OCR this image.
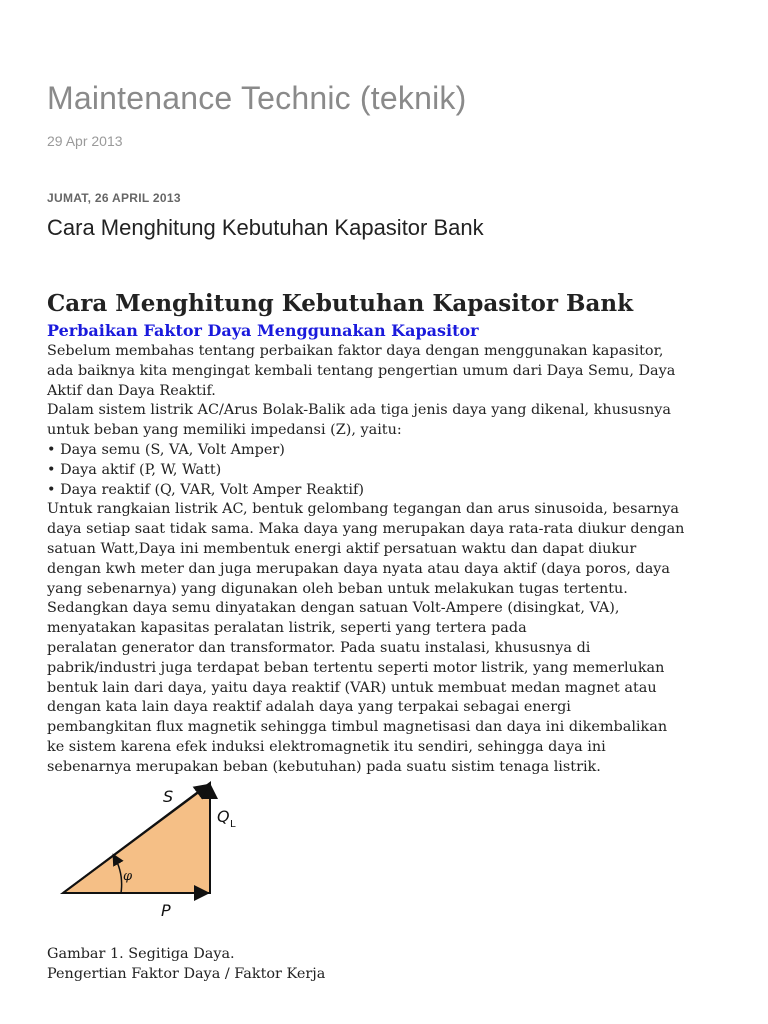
Maintenance Technic (teknik)
29 Apr 2013
JUMAT, 26 APRIL 2013
Cara Menghitung Kebutuhan Kapasitor Bank
Cara Menghitung Kebutuhan Kapasitor Bank
Perbaikan Faktor Daya Menggunakan Kapasitor
Sebelum membahas tentang perbaikan faktor daya dengan menggunakan kapasitor,
ada baiknya kita mengingat kembali tentang pengertian umum dari Daya Semu, Daya
Aktif dan Daya Reaktif.
Dalam sistem listrik AC/Arus Bolak-Balik ada tiga jenis daya yang dikenal, khususnya
untuk beban yang memiliki impedansi (Z), yaitu:
• Daya semu (S, VA, Volt Amper)
• Daya aktif (P, W, Watt)
• Daya reaktif (Q, VAR, Volt Amper Reaktif)
Untuk rangkaian listrik AC, bentuk gelombang tegangan dan arus sinusoida, besarnya
daya setiap saat tidak sama. Maka daya yang merupakan daya rata-rata diukur dengan
satuan Watt,Daya ini membentuk energi aktif persatuan waktu dan dapat diukur
dengan kwh meter dan juga merupakan daya nyata atau daya aktif (daya poros, daya
yang sebenarnya) yang digunakan oleh beban untuk melakukan tugas tertentu.
Sedangkan daya semu dinyatakan dengan satuan Volt-Ampere (disingkat, VA),
menyatakan kapasitas peralatan listrik, seperti yang tertera pada
peralatan generator dan transformator. Pada suatu instalasi, khususnya di
pabrik/industri juga terdapat beban tertentu seperti motor listrik, yang memerlukan
bentuk lain dari daya, yaitu daya reaktif (VAR) untuk membuat medan magnet atau
dengan kata lain daya reaktif adalah daya yang terpakai sebagai energi
pembangkitan flux magnetik sehingga timbul magnetisasi dan daya ini dikembalikan
ke sistem karena efek induksi elektromagnetik itu sendiri, sehingga daya ini
sebenarnya merupakan beban (kebutuhan) pada suatu sistim tenaga listrik.
S
Q L
P
φ
Gambar 1. Segitiga Daya.
Pengertian Faktor Daya / Faktor Kerja
